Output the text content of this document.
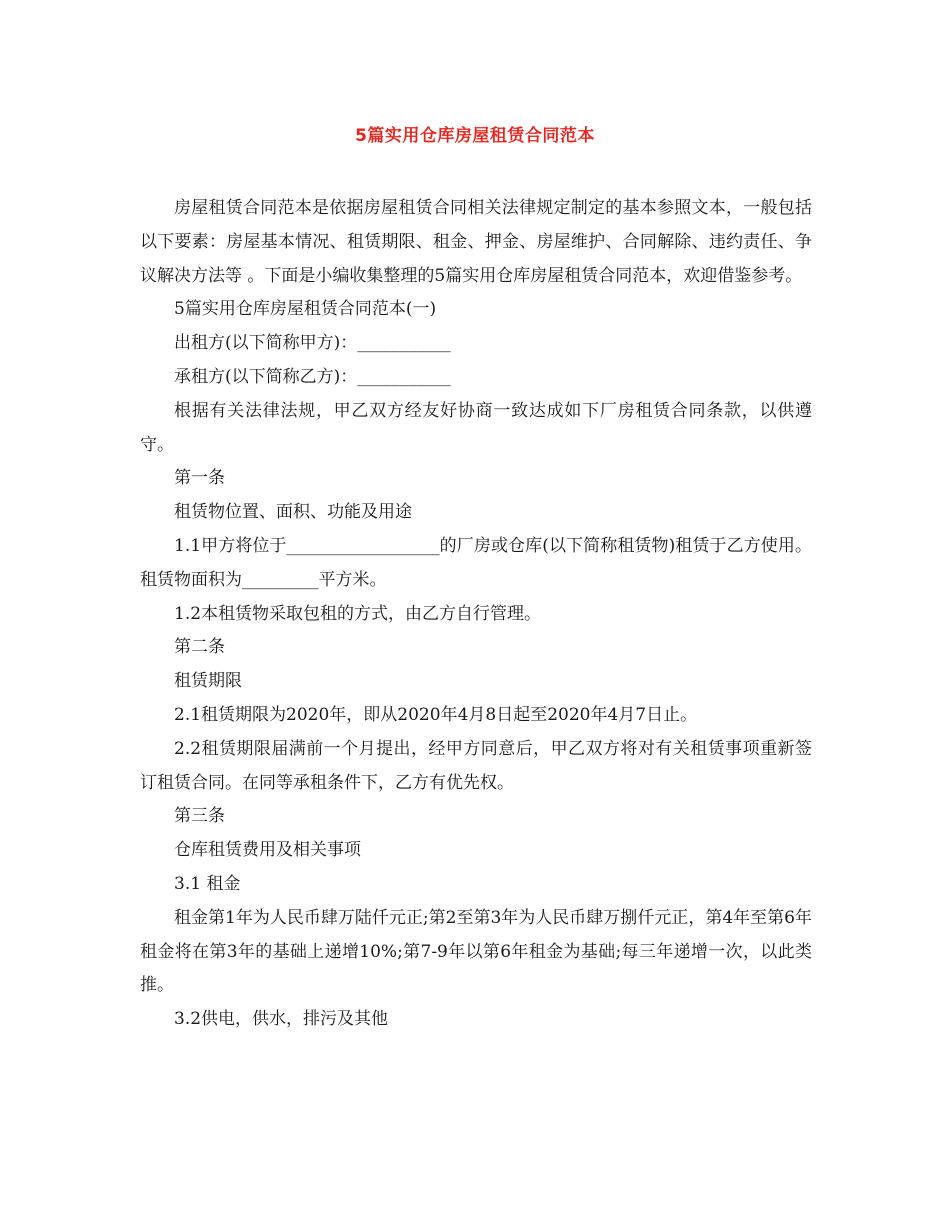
5篇实用仓库房屋租赁合同范本

房屋租赁合同范本是依据房屋租赁合同相关法律规定制定的基本参照文本，一般包括以下要素：房屋基本情况、租赁期限、租金、押金、房屋维护、合同解除、违约责任、争议解决方法等 。下面是小编收集整理的5篇实用仓库房屋租赁合同范本，欢迎借鉴参考。

5篇实用仓库房屋租赁合同范本(一)

出租方(以下简称甲方)：___________

承租方(以下简称乙方)：___________

根据有关法律法规，甲乙双方经友好协商一致达成如下厂房租赁合同条款，以供遵守。

第一条

租赁物位置、面积、功能及用途

1.1甲方将位于__________________的厂房或仓库(以下简称租赁物)租赁于乙方使用。租赁物面积为_________平方米。

1.2本租赁物采取包租的方式，由乙方自行管理。

第二条

租赁期限

2.1租赁期限为2020年，即从2020年4月8日起至2020年4月7日止。

2.2租赁期限届满前一个月提出，经甲方同意后，甲乙双方将对有关租赁事项重新签订租赁合同。在同等承租条件下，乙方有优先权。

第三条

仓库租赁费用及相关事项

3.1 租金

租金第1年为人民币肆万陆仟元正;第2至第3年为人民币肆万捌仟元正，第4年至第6年租金将在第3年的基础上递增10%;第7-9年以第6年租金为基础;每三年递增一次，以此类推。

3.2供电，供水，排污及其他
